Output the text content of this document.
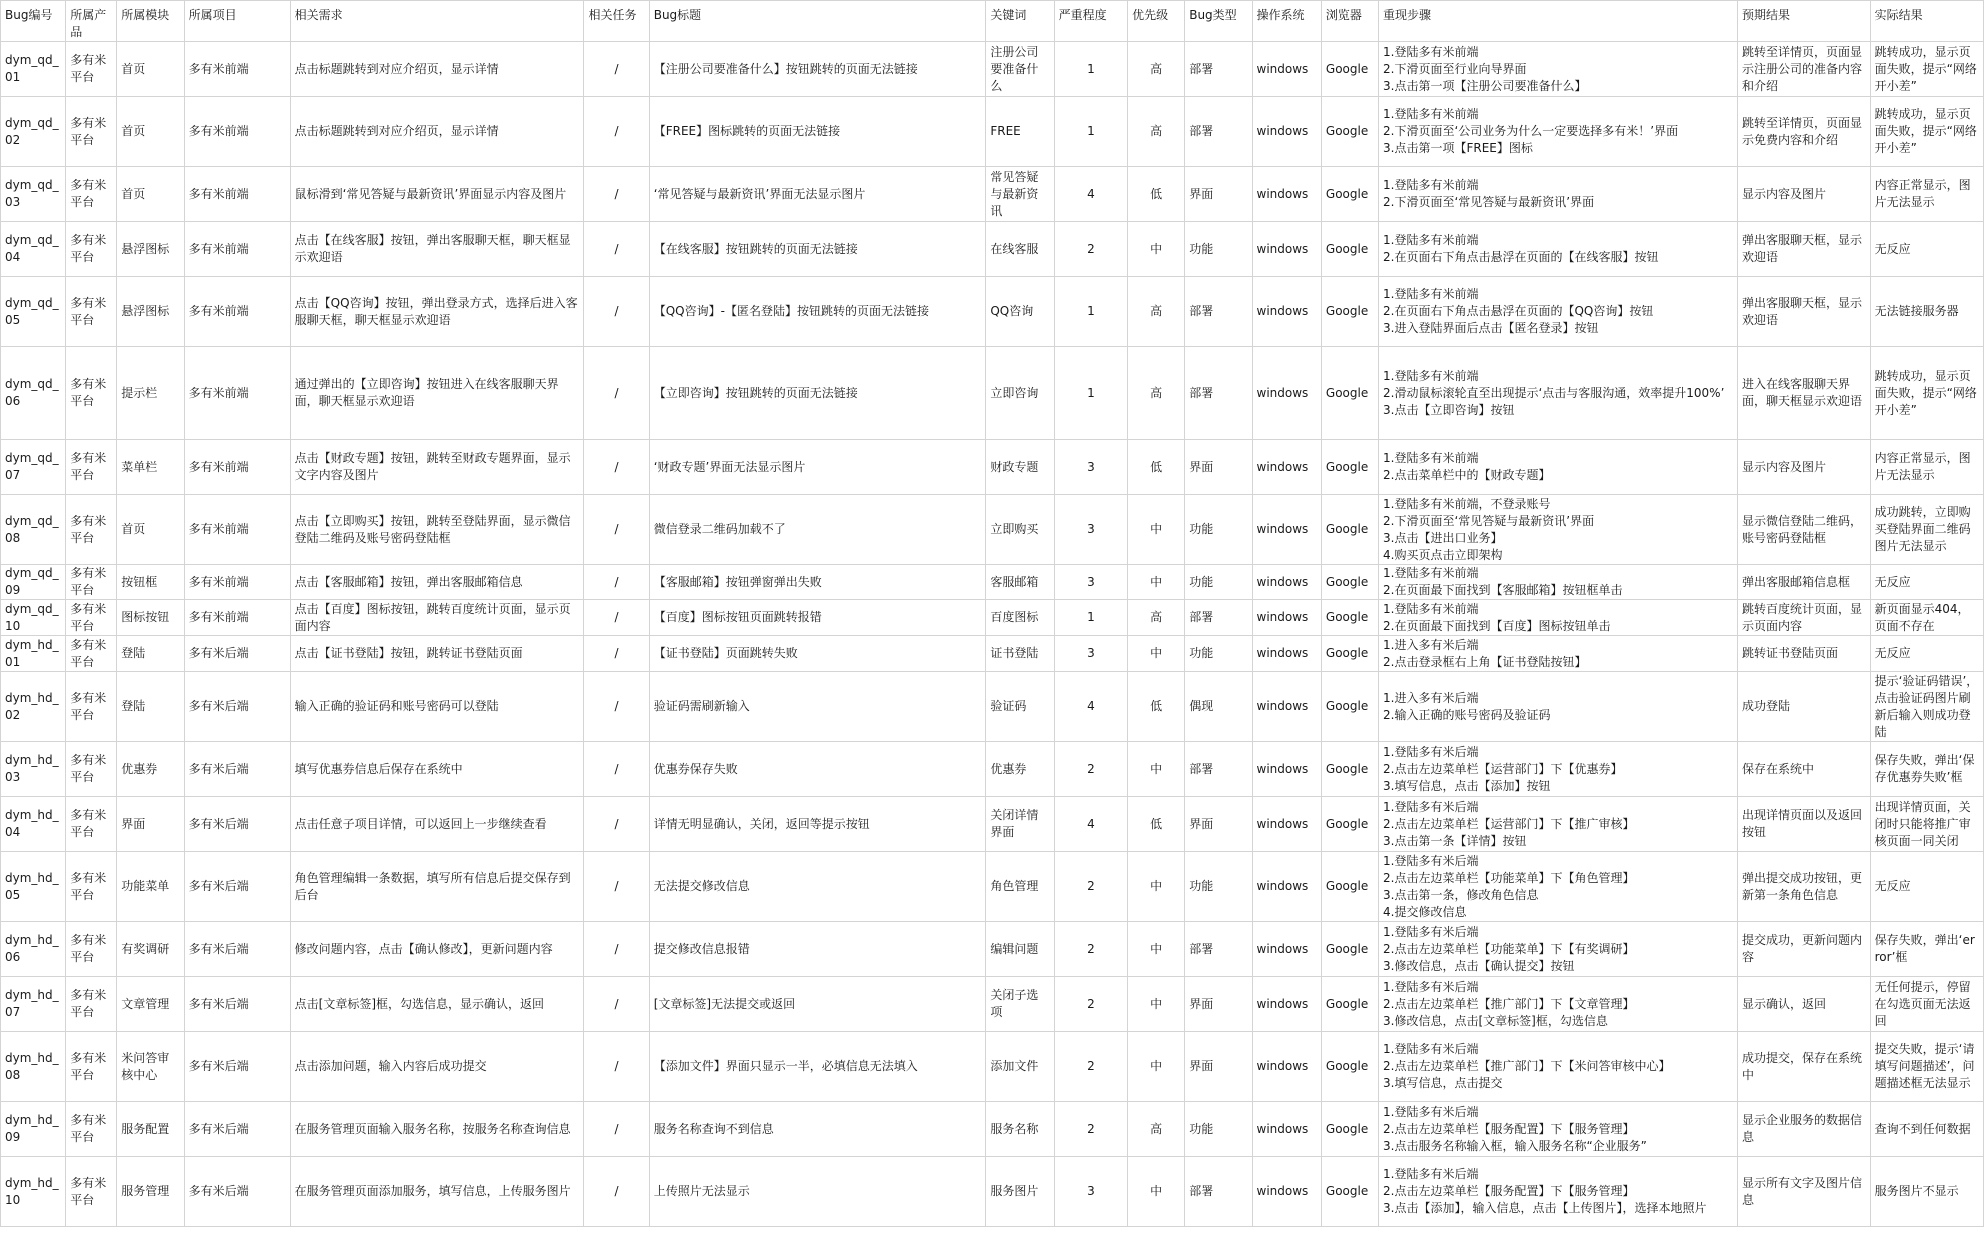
Bug编号	所属产品	所属模块	所属项目	相关需求	相关任务	Bug标题	关键词	严重程度	优先级	Bug类型	操作系统	浏览器	重现步骤	预期结果	实际结果
dym_qd_01	多有米平台	首页	多有米前端	点击标题跳转到对应介绍页，显示详情	/	【注册公司要准备什么】按钮跳转的页面无法链接	注册公司要准备什么	1	高	部署	windows	Google	1.登陆多有米前端
2.下滑页面至行业向导界面
3.点击第一项【注册公司要准备什么】	跳转至详情页，页面显示注册公司的准备内容和介绍	跳转成功，显示页面失败，提示“网络开小差”
dym_qd_02	多有米平台	首页	多有米前端	点击标题跳转到对应介绍页，显示详情	/	【FREE】图标跳转的页面无法链接	FREE	1	高	部署	windows	Google	1.登陆多有米前端
2.下滑页面至‘公司业务为什么一定要选择多有米！’界面
3.点击第一项【FREE】图标	跳转至详情页，页面显示免费内容和介绍	跳转成功，显示页面失败，提示“网络开小差”
dym_qd_03	多有米平台	首页	多有米前端	鼠标滑到‘常见答疑与最新资讯’界面显示内容及图片	/	‘常见答疑与最新资讯’界面无法显示图片	常见答疑与最新资讯	4	低	界面	windows	Google	1.登陆多有米前端
2.下滑页面至‘常见答疑与最新资讯’界面	显示内容及图片	内容正常显示，图片无法显示
dym_qd_04	多有米平台	悬浮图标	多有米前端	点击【在线客服】按钮，弹出客服聊天框，聊天框显示欢迎语	/	【在线客服】按钮跳转的页面无法链接	在线客服	2	中	功能	windows	Google	1.登陆多有米前端
2.在页面右下角点击悬浮在页面的【在线客服】按钮	弹出客服聊天框，显示欢迎语	无反应
dym_qd_05	多有米平台	悬浮图标	多有米前端	点击【QQ咨询】按钮，弹出登录方式，选择后进入客服聊天框，聊天框显示欢迎语	/	【QQ咨询】-【匿名登陆】按钮跳转的页面无法链接	QQ咨询	1	高	部署	windows	Google	1.登陆多有米前端
2.在页面右下角点击悬浮在页面的【QQ咨询】按钮
3.进入登陆界面后点击【匿名登录】按钮	弹出客服聊天框，显示欢迎语	无法链接服务器
dym_qd_06	多有米平台	提示栏	多有米前端	通过弹出的【立即咨询】按钮进入在线客服聊天界面，聊天框显示欢迎语	/	【立即咨询】按钮跳转的页面无法链接	立即咨询	1	高	部署	windows	Google	1.登陆多有米前端
2.滑动鼠标滚轮直至出现提示‘点击与客服沟通，效率提升100%’
3.点击【立即咨询】按钮	进入在线客服聊天界面，聊天框显示欢迎语	跳转成功，显示页面失败，提示“网络开小差”
dym_qd_07	多有米平台	菜单栏	多有米前端	点击【财政专题】按钮，跳转至财政专题界面，显示文字内容及图片	/	‘财政专题’界面无法显示图片	财政专题	3	低	界面	windows	Google	1.登陆多有米前端
2.点击菜单栏中的【财政专题】	显示内容及图片	内容正常显示，图片无法显示
dym_qd_08	多有米平台	首页	多有米前端	点击【立即购买】按钮，跳转至登陆界面，显示微信登陆二维码及账号密码登陆框	/	微信登录二维码加载不了	立即购买	3	中	功能	windows	Google	1.登陆多有米前端，不登录账号
2.下滑页面至‘常见答疑与最新资讯’界面
3.点击【进出口业务】
4.购买页点击立即架构	显示微信登陆二维码，账号密码登陆框	成功跳转，立即购买登陆界面二维码图片无法显示
dym_qd_09	多有米平台	按钮框	多有米前端	点击【客服邮箱】按钮，弹出客服邮箱信息	/	【客服邮箱】按钮弹窗弹出失败	客服邮箱	3	中	功能	windows	Google	1.登陆多有米前端
2.在页面最下面找到【客服邮箱】按钮框单击	弹出客服邮箱信息框	无反应
dym_qd_10	多有米平台	图标按钮	多有米前端	点击【百度】图标按钮，跳转百度统计页面，显示页面内容	/	【百度】图标按钮页面跳转报错	百度图标	1	高	部署	windows	Google	1.登陆多有米前端
2.在页面最下面找到【百度】图标按钮单击	跳转百度统计页面，显示页面内容	新页面显示404，页面不存在
dym_hd_01	多有米平台	登陆	多有米后端	点击【证书登陆】按钮，跳转证书登陆页面	/	【证书登陆】页面跳转失败	证书登陆	3	中	功能	windows	Google	1.进入多有米后端
2.点击登录框右上角【证书登陆按钮】	跳转证书登陆页面	无反应
dym_hd_02	多有米平台	登陆	多有米后端	输入正确的验证码和账号密码可以登陆	/	验证码需刷新输入	验证码	4	低	偶现	windows	Google	1.进入多有米后端
2.输入正确的账号密码及验证码	成功登陆	提示‘验证码错误’，点击验证码图片刷新后输入则成功登陆
dym_hd_03	多有米平台	优惠券	多有米后端	填写优惠券信息后保存在系统中	/	优惠券保存失败	优惠券	2	中	部署	windows	Google	1.登陆多有米后端
2.点击左边菜单栏【运营部门】下【优惠券】
3.填写信息，点击【添加】按钮	保存在系统中	保存失败，弹出‘保存优惠券失败’框
dym_hd_04	多有米平台	界面	多有米后端	点击任意子项目详情，可以返回上一步继续查看	/	详情无明显确认，关闭，返回等提示按钮	关闭详情界面	4	低	界面	windows	Google	1.登陆多有米后端
2.点击左边菜单栏【运营部门】下【推广审核】
3.点击第一条【详情】按钮	出现详情页面以及返回按钮	出现详情页面，关闭时只能将推广审核页面一同关闭
dym_hd_05	多有米平台	功能菜单	多有米后端	角色管理编辑一条数据，填写所有信息后提交保存到后台	/	无法提交修改信息	角色管理	2	中	功能	windows	Google	1.登陆多有米后端
2.点击左边菜单栏【功能菜单】下【角色管理】
3.点击第一条，修改角色信息
4.提交修改信息	弹出提交成功按钮，更新第一条角色信息	无反应
dym_hd_06	多有米平台	有奖调研	多有米后端	修改问题内容，点击【确认修改】，更新问题内容	/	提交修改信息报错	编辑问题	2	中	部署	windows	Google	1.登陆多有米后端
2.点击左边菜单栏【功能菜单】下【有奖调研】
3.修改信息，点击【确认提交】按钮	提交成功，更新问题内容	保存失败，弹出‘error’框
dym_hd_07	多有米平台	文章管理	多有米后端	点击[文章标签]框，勾选信息，显示确认，返回	/	[文章标签]无法提交或返回	关闭子选项	2	中	界面	windows	Google	1.登陆多有米后端
2.点击左边菜单栏【推广部门】下【文章管理】
3.修改信息，点击[文章标签]框，勾选信息	显示确认，返回	无任何提示，停留在勾选页面无法返回
dym_hd_08	多有米平台	米问答审核中心	多有米后端	点击添加问题，输入内容后成功提交	/	【添加文件】界面只显示一半，必填信息无法填入	添加文件	2	中	界面	windows	Google	1.登陆多有米后端
2.点击左边菜单栏【推广部门】下【米问答审核中心】
3.填写信息，点击提交	成功提交，保存在系统中	提交失败，提示‘请填写问题描述’，问题描述框无法显示
dym_hd_09	多有米平台	服务配置	多有米后端	在服务管理页面输入服务名称，按服务名称查询信息	/	服务名称查询不到信息	服务名称	2	高	功能	windows	Google	1.登陆多有米后端
2.点击左边菜单栏【服务配置】下【服务管理】
3.点击服务名称输入框，输入服务名称“企业服务”	显示企业服务的数据信息	查询不到任何数据
dym_hd_10	多有米平台	服务管理	多有米后端	在服务管理页面添加服务，填写信息，上传服务图片	/	上传照片无法显示	服务图片	3	中	部署	windows	Google	1.登陆多有米后端
2.点击左边菜单栏【服务配置】下【服务管理】
3.点击【添加】，输入信息，点击【上传图片】，选择本地照片	显示所有文字及图片信息	服务图片不显示
